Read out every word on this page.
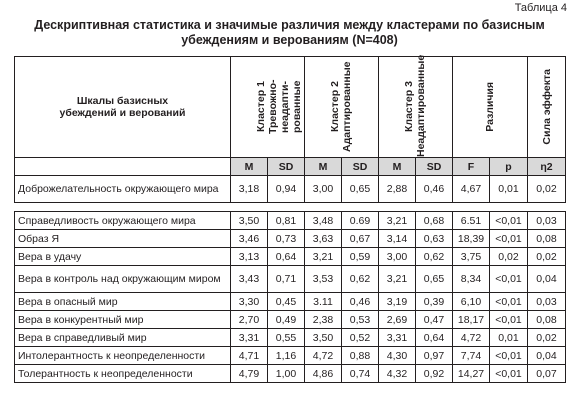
Таблица 4
Дескриптивная статистика и значимые различия между кластерами по базисным
убеждениям и верованиям (N=408)
Шкалы базисных убеждений и верований	Кластер 1 Тревожно-неадапти- рованные		Кластер 2 Адаптированные		Кластер 3 Неадаптированные		Различия		Сила эффекта

	M	SD	M	SD	M	SD	F	p	η2
Доброжелательность окружающего мира	3,18	0,94	3,00	0,65	2,88	0,46	4,67	0,01	0,02

Справедливость окружающего мира	3,50	0,81	3,48	0.69	3,21	0,68	6.51	<0,01	0,03
Образ Я	3,46	0,73	3,63	0,67	3,14	0,63	18,39	<0,01	0,08
Вера в удачу	3,13	0,64	3,21	0,59	3,00	0,62	3,75	0,02	0,02
Вера в контроль над окружающим миром	3,43	0,71	3,53	0,62	3,21	0,65	8,34	<0,01	0,04
Вера в опасный мир	3,30	0,45	3.11	0,46	3,19	0,39	6,10	<0,01	0,03
Вера в конкурентный мир	2,70	0,49	2,38	0,53	2,69	0,47	18,17	<0,01	0,08
Вера в справедливый мир	3,31	0,55	3,50	0,52	3,31	0,64	4,72	0,01	0,02
Интолерантность к неопределенности	4,71	1,16	4,72	0,88	4,30	0,97	7,74	<0,01	0,04
Толерантность к неопределенности	4,79	1,00	4,86	0,74	4,32	0,92	14,27	<0,01	0,07
